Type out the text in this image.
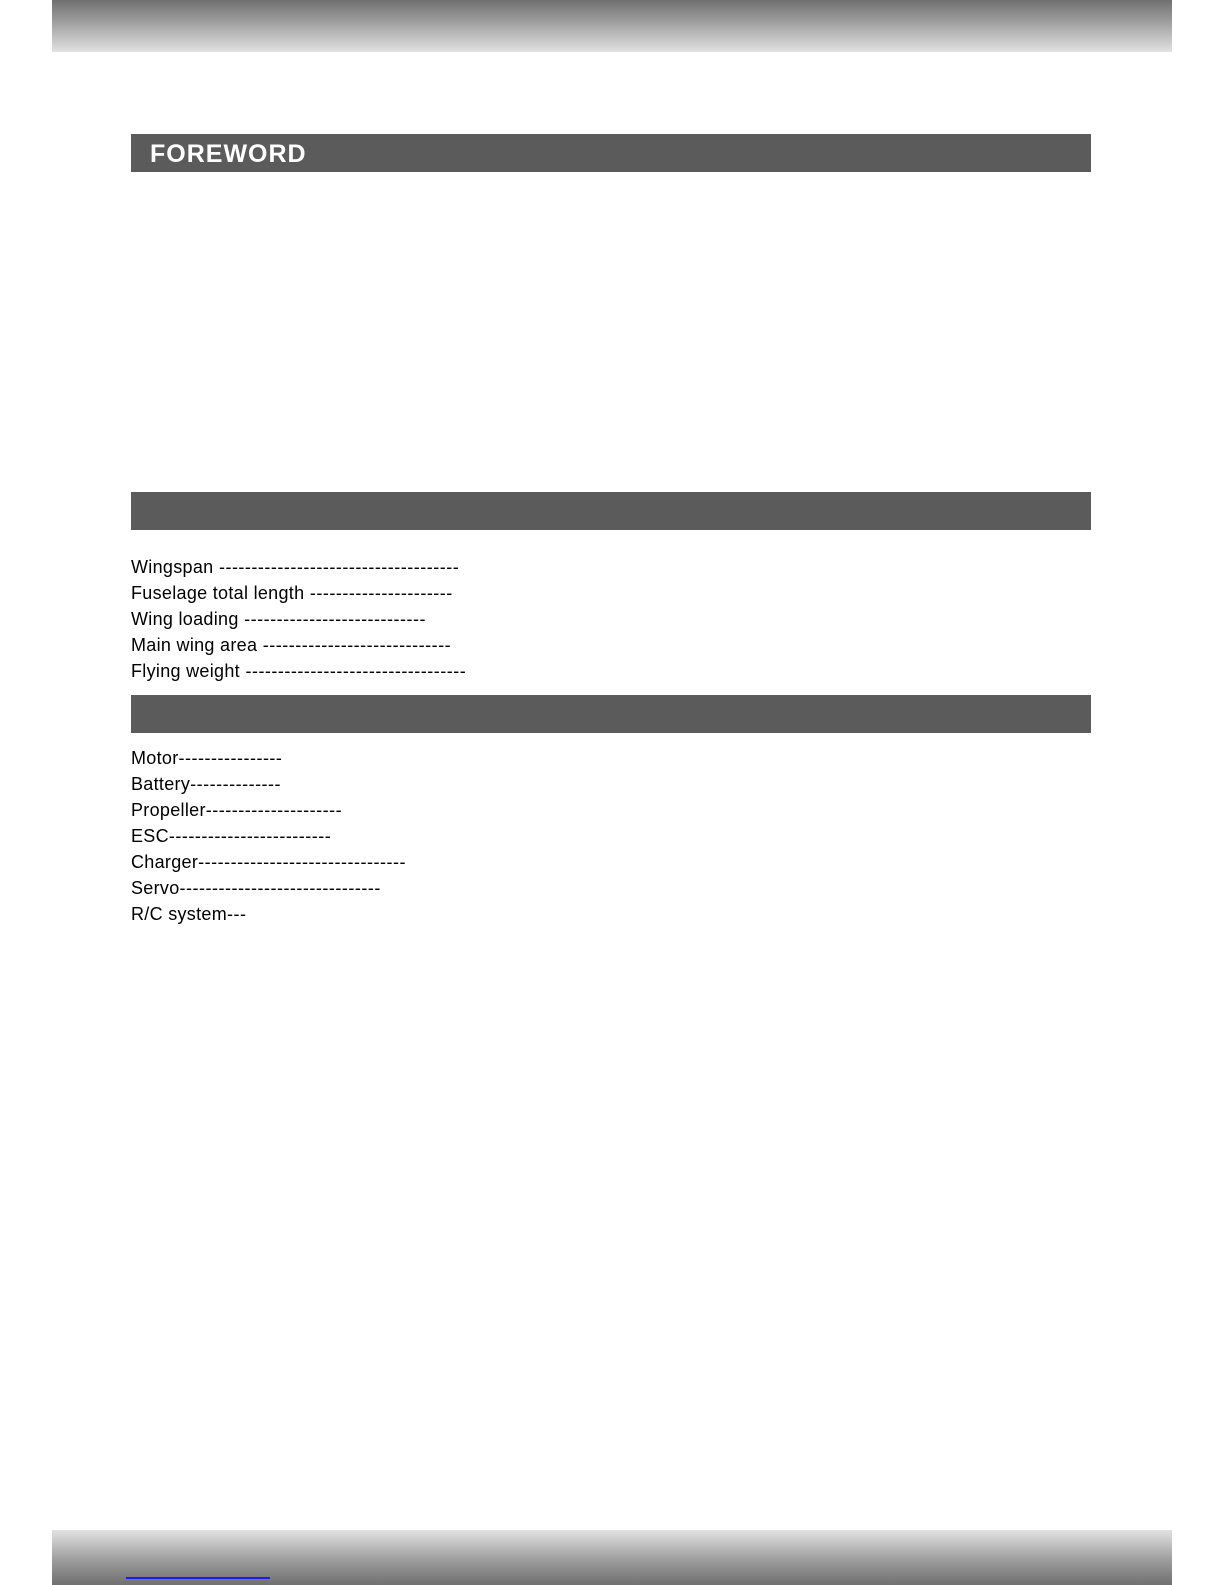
FOREWORD
Wingspan -------------------------------------
Fuselage total length ----------------------
Wing loading ----------------------------
Main wing area -----------------------------
Flying weight ----------------------------------
Motor----------------
Battery--------------
Propeller---------------------
ESC-------------------------
Charger--------------------------------
Servo-------------------------------
R/C system---
